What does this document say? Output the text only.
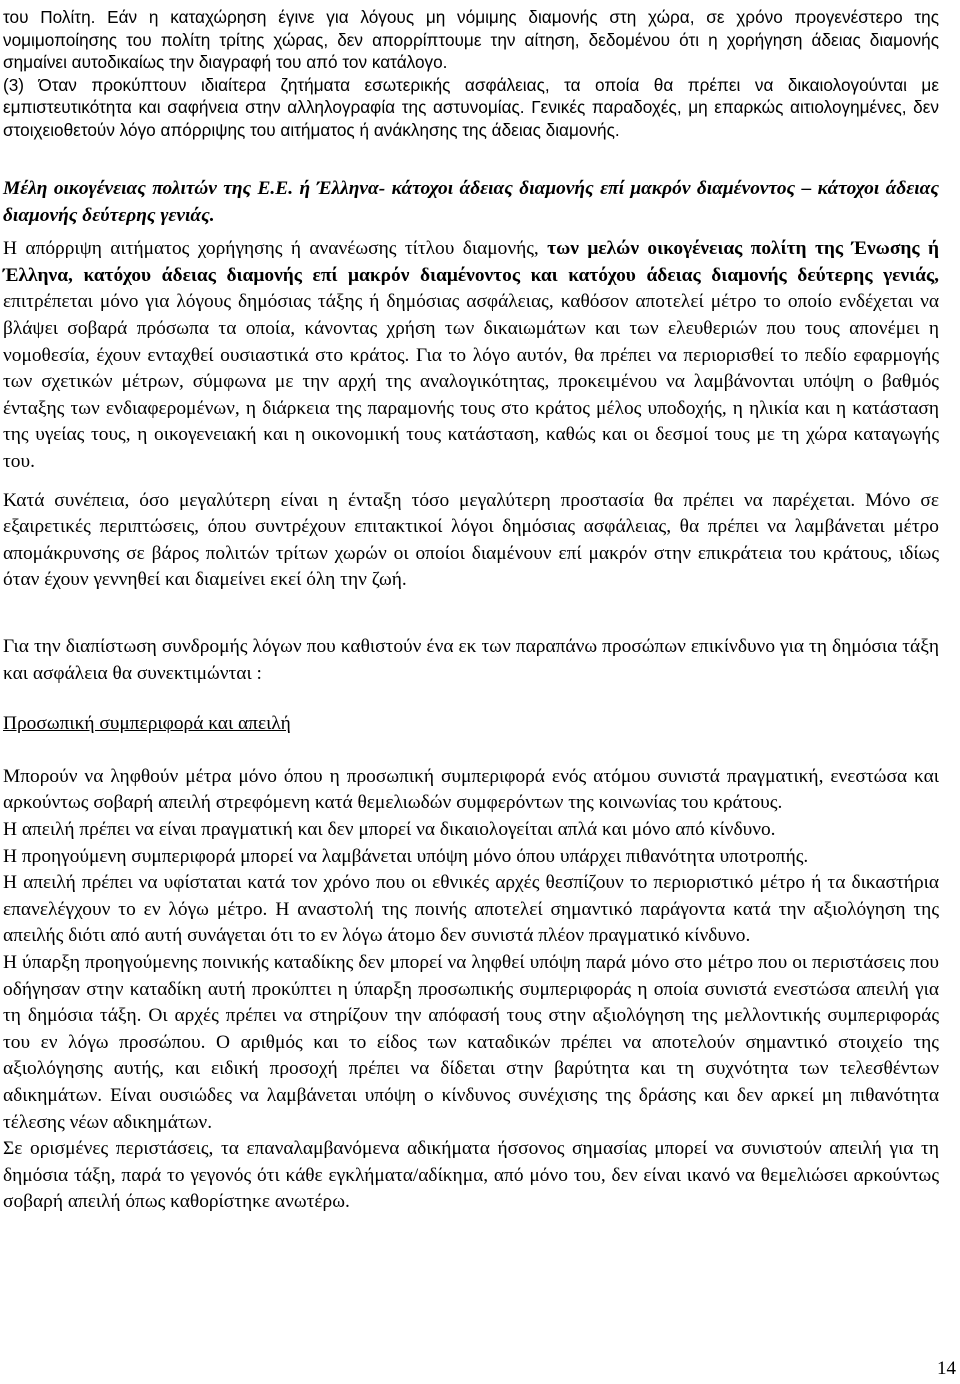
του Πολίτη. Εάν η καταχώρηση έγινε για λόγους μη νόμιμης διαμονής στη χώρα, σε χρόνο προγενέστερο της νομιμοποίησης του πολίτη τρίτης χώρας, δεν απορρίπτουμε την αίτηση, δεδομένου ότι η χορήγηση άδειας διαμονής σημαίνει αυτοδικαίως την διαγραφή του από τον κατάλογο.

(3) Όταν προκύπτουν ιδιαίτερα ζητήματα εσωτερικής ασφάλειας, τα οποία θα πρέπει να δικαιολογούνται με εμπιστευτικότητα και σαφήνεια στην αλληλογραφία της αστυνομίας. Γενικές παραδοχές, μη επαρκώς αιτιολογημένες, δεν στοιχειοθετούν λόγο απόρριψης του αιτήματος ή ανάκλησης της άδειας διαμονής.

Μέλη οικογένειας πολιτών της Ε.Ε. ή Έλληνα- κάτοχοι άδειας διαμονής επί μακρόν διαμένοντος – κάτοχοι άδειας διαμονής δεύτερης γενιάς.

Η απόρριψη αιτήματος χορήγησης ή ανανέωσης τίτλου διαμονής, των μελών οικογένειας πολίτη της Ένωσης ή Έλληνα, κατόχου άδειας διαμονής επί μακρόν διαμένοντος και κατόχου άδειας διαμονής δεύτερης γενιάς, επιτρέπεται μόνο για λόγους δημόσιας τάξης ή δημόσιας ασφάλειας, καθόσον αποτελεί μέτρο το οποίο ενδέχεται να βλάψει σοβαρά πρόσωπα τα οποία, κάνοντας χρήση των δικαιωμάτων και των ελευθεριών που τους απονέμει η νομοθεσία, έχουν ενταχθεί ουσιαστικά στο κράτος. Για το λόγο αυτόν, θα πρέπει να περιορισθεί το πεδίο εφαρμογής των σχετικών μέτρων, σύμφωνα με την αρχή της αναλογικότητας, προκειμένου να λαμβάνονται υπόψη ο βαθμός ένταξης των ενδιαφερομένων, η διάρκεια της παραμονής τους στο κράτος μέλος υποδοχής, η ηλικία και η κατάσταση της υγείας τους, η οικογενειακή και η οικονομική τους κατάσταση, καθώς και οι δεσμοί τους με τη χώρα καταγωγής του.

Κατά συνέπεια, όσο μεγαλύτερη είναι η ένταξη τόσο μεγαλύτερη προστασία θα πρέπει να παρέχεται. Μόνο σε εξαιρετικές περιπτώσεις, όπου συντρέχουν επιτακτικοί λόγοι δημόσιας ασφάλειας, θα πρέπει να λαμβάνεται μέτρο απομάκρυνσης σε βάρος πολιτών τρίτων χωρών οι οποίοι διαμένουν επί μακρόν στην επικράτεια του κράτους, ιδίως όταν έχουν γεννηθεί και διαμείνει εκεί όλη την ζωή.

Για την διαπίστωση συνδρομής λόγων που καθιστούν ένα εκ των παραπάνω προσώπων επικίνδυνο για τη δημόσια τάξη και ασφάλεια θα συνεκτιμώνται :

Προσωπική συμπεριφορά και απειλή

Μπορούν να ληφθούν μέτρα μόνο όπου η προσωπική συμπεριφορά ενός ατόμου συνιστά πραγματική, ενεστώσα και αρκούντως σοβαρή απειλή στρεφόμενη κατά θεμελιωδών συμφερόντων της κοινωνίας του κράτους.

Η απειλή πρέπει να είναι πραγματική και δεν μπορεί να δικαιολογείται απλά και μόνο από κίνδυνο.

Η προηγούμενη συμπεριφορά μπορεί να λαμβάνεται υπόψη μόνο όπου υπάρχει πιθανότητα υποτροπής.

Η απειλή πρέπει να υφίσταται κατά τον χρόνο που οι εθνικές αρχές θεσπίζουν το περιοριστικό μέτρο ή τα δικαστήρια επανελέγχουν το εν λόγω μέτρο. Η αναστολή της ποινής αποτελεί σημαντικό παράγοντα κατά την αξιολόγηση της απειλής διότι από αυτή συνάγεται ότι το εν λόγω άτομο δεν συνιστά πλέον πραγματικό κίνδυνο.

Η ύπαρξη προηγούμενης ποινικής καταδίκης δεν μπορεί να ληφθεί υπόψη παρά μόνο στο μέτρο που οι περιστάσεις που οδήγησαν στην καταδίκη αυτή προκύπτει η ύπαρξη προσωπικής συμπεριφοράς η οποία συνιστά ενεστώσα απειλή για τη δημόσια τάξη. Οι αρχές πρέπει να στηρίζουν την απόφασή τους στην αξιολόγηση της μελλοντικής συμπεριφοράς του εν λόγω προσώπου. Ο αριθμός και το είδος των καταδικών πρέπει να αποτελούν σημαντικό στοιχείο της αξιολόγησης αυτής, και ειδική προσοχή πρέπει να δίδεται στην βαρύτητα και τη συχνότητα των τελεσθέντων αδικημάτων. Είναι ουσιώδες να λαμβάνεται υπόψη ο κίνδυνος συνέχισης της δράσης και δεν αρκεί μη πιθανότητα τέλεσης νέων αδικημάτων.

Σε ορισμένες περιστάσεις, τα επαναλαμβανόμενα αδικήματα ήσσονος σημασίας μπορεί να συνιστούν απειλή για τη δημόσια τάξη, παρά το γεγονός ότι κάθε εγκλήματα/αδίκημα, από μόνο του, δεν είναι ικανό να θεμελιώσει αρκούντως σοβαρή απειλή όπως καθορίστηκε ανωτέρω.

14
